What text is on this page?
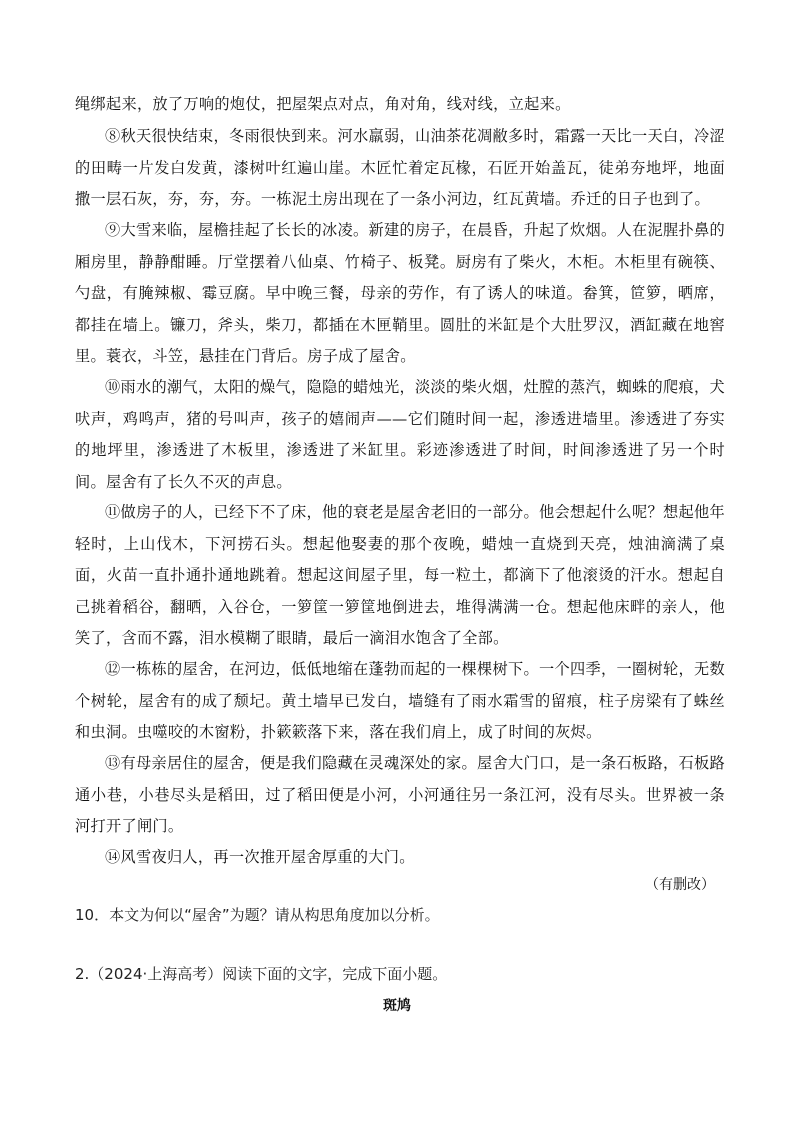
绳绑起来，放了万响的炮仗，把屋架点对点，角对角，线对线，立起来。

⑧秋天很快结束，冬雨很快到来。河水羸弱，山油茶花凋敝多时，霜露一天比一天白，冷涩的田畴一片发白发黄，漆树叶红遍山崖。木匠忙着定瓦椽，石匠开始盖瓦，徒弟夯地坪，地面撒一层石灰，夯，夯，夯。一栋泥土房出现在了一条小河边，红瓦黄墙。乔迁的日子也到了。

⑨大雪来临，屋檐挂起了长长的冰凌。新建的房子，在晨昏，升起了炊烟。人在泥腥扑鼻的厢房里，静静酣睡。厅堂摆着八仙桌、竹椅子、板凳。厨房有了柴火，木柜。木柜里有碗筷、勺盘，有腌辣椒、霉豆腐。早中晚三餐，母亲的劳作，有了诱人的味道。畚箕，笸箩，晒席，都挂在墙上。镰刀，斧头，柴刀，都插在木匣鞘里。圆肚的米缸是个大肚罗汉，酒缸藏在地窖里。蓑衣，斗笠，悬挂在门背后。房子成了屋舍。

⑩雨水的潮气，太阳的燥气，隐隐的蜡烛光，淡淡的柴火烟，灶膛的蒸汽，蜘蛛的爬痕，犬吠声，鸡鸣声，猪的号叫声，孩子的嬉闹声——它们随时间一起，渗透进墙里。渗透进了夯实的地坪里，渗透进了木板里，渗透进了米缸里。彩迹渗透进了时间，时间渗透进了另一个时间。屋舍有了长久不灭的声息。

⑪做房子的人，已经下不了床，他的衰老是屋舍老旧的一部分。他会想起什么呢？想起他年轻时，上山伐木，下河捞石头。想起他娶妻的那个夜晚，蜡烛一直烧到天亮，烛油滴满了桌面，火苗一直扑通扑通地跳着。想起这间屋子里，每一粒土，都滴下了他滚烫的汗水。想起自己挑着稻谷，翻晒，入谷仓，一箩筐一箩筐地倒进去，堆得满满一仓。想起他床畔的亲人，他笑了，含而不露，泪水模糊了眼睛，最后一滴泪水饱含了全部。

⑫一栋栋的屋舍，在河边，低低地缩在蓬勃而起的一棵棵树下。一个四季，一圈树轮，无数个树轮，屋舍有的成了颓圮。黄土墙早已发白，墙缝有了雨水霜雪的留痕，柱子房梁有了蛛丝和虫洞。虫噬咬的木窗粉，扑簌簌落下来，落在我们肩上，成了时间的灰烬。

⑬有母亲居住的屋舍，便是我们隐藏在灵魂深处的家。屋舍大门口，是一条石板路，石板路通小巷，小巷尽头是稻田，过了稻田便是小河，小河通往另一条江河，没有尽头。世界被一条河打开了闸门。

⑭风雪夜归人，再一次推开屋舍厚重的大门。

（有删改）
10．本文为何以“屋舍”为题？请从构思角度加以分析。
2.（2024·上海高考）阅读下面的文字，完成下面小题。
斑鸠
